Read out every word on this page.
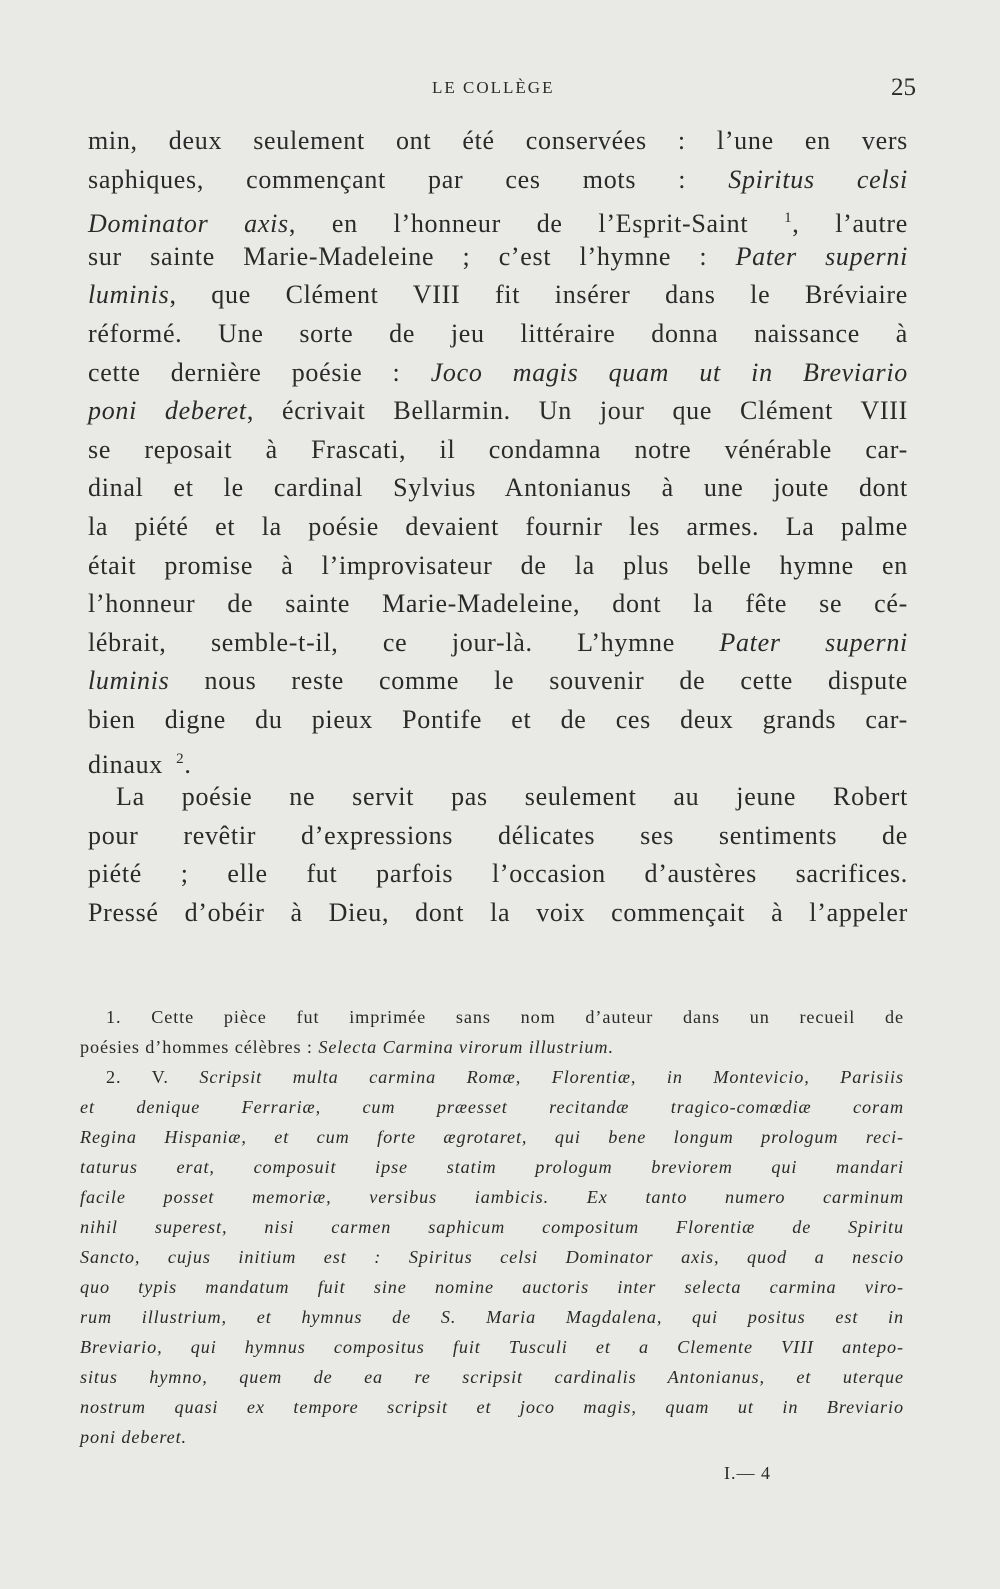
LE COLLÈGE	25
min, deux seulement ont été conservées : l’une en vers
saphiques, commençant par ces mots : Spiritus celsi
Dominator axis, en l’honneur de l’Esprit-Saint $^1$, l’autre
sur sainte Marie-Madeleine ; c’est l’hymne : Pater superni
luminis, que Clément VIII fit insérer dans le Bréviaire
réformé. Une sorte de jeu littéraire donna naissance à
cette dernière poésie : Joco magis quam ut in Breviario
poni deberet, écrivait Bellarmin. Un jour que Clément VIII
se reposait à Frascati, il condamna notre vénérable car-
dinal et le cardinal Sylvius Antonianus à une joute dont
la piété et la poésie devaient fournir les armes. La palme
était promise à l’improvisateur de la plus belle hymne en
l’honneur de sainte Marie-Madeleine, dont la fête se cé-
lébrait, semble-t-il, ce jour-là. L’hymne Pater superni
luminis nous reste comme le souvenir de cette dispute
bien digne du pieux Pontife et de ces deux grands car-
dinaux $^2$.
La poésie ne servit pas seulement au jeune Robert
pour revêtir d’expressions délicates ses sentiments de
piété ; elle fut parfois l’occasion d’austères sacrifices.
Pressé d’obéir à Dieu, dont la voix commençait à l’appeler
1. Cette pièce fut imprimée sans nom d’auteur dans un recueil de
poésies d’hommes célèbres : Selecta Carmina virorum illustrium.
2. V. Scripsit multa carmina Romæ, Florentiæ, in Montevicio, Parisiis
et denique Ferrariæ, cum præesset recitandæ tragico-comœdiæ coram
Regina Hispaniæ, et cum forte ægrotaret, qui bene longum prologum reci-
taturus erat, composuit ipse statim prologum breviorem qui mandari
facile posset memoriæ, versibus iambicis. Ex tanto numero carminum
nihil superest, nisi carmen saphicum compositum Florentiæ de Spiritu
Sancto, cujus initium est : Spiritus celsi Dominator axis, quod a nescio
quo typis mandatum fuit sine nomine auctoris inter selecta carmina viro-
rum illustrium, et hymnus de S. Maria Magdalena, qui positus est in
Breviario, qui hymnus compositus fuit Tusculi et a Clemente VIII antepo-
situs hymno, quem de ea re scripsit cardinalis Antonianus, et uterque
nostrum quasi ex tempore scripsit et joco magis, quam ut in Breviario
poni deberet.
I.— 4
